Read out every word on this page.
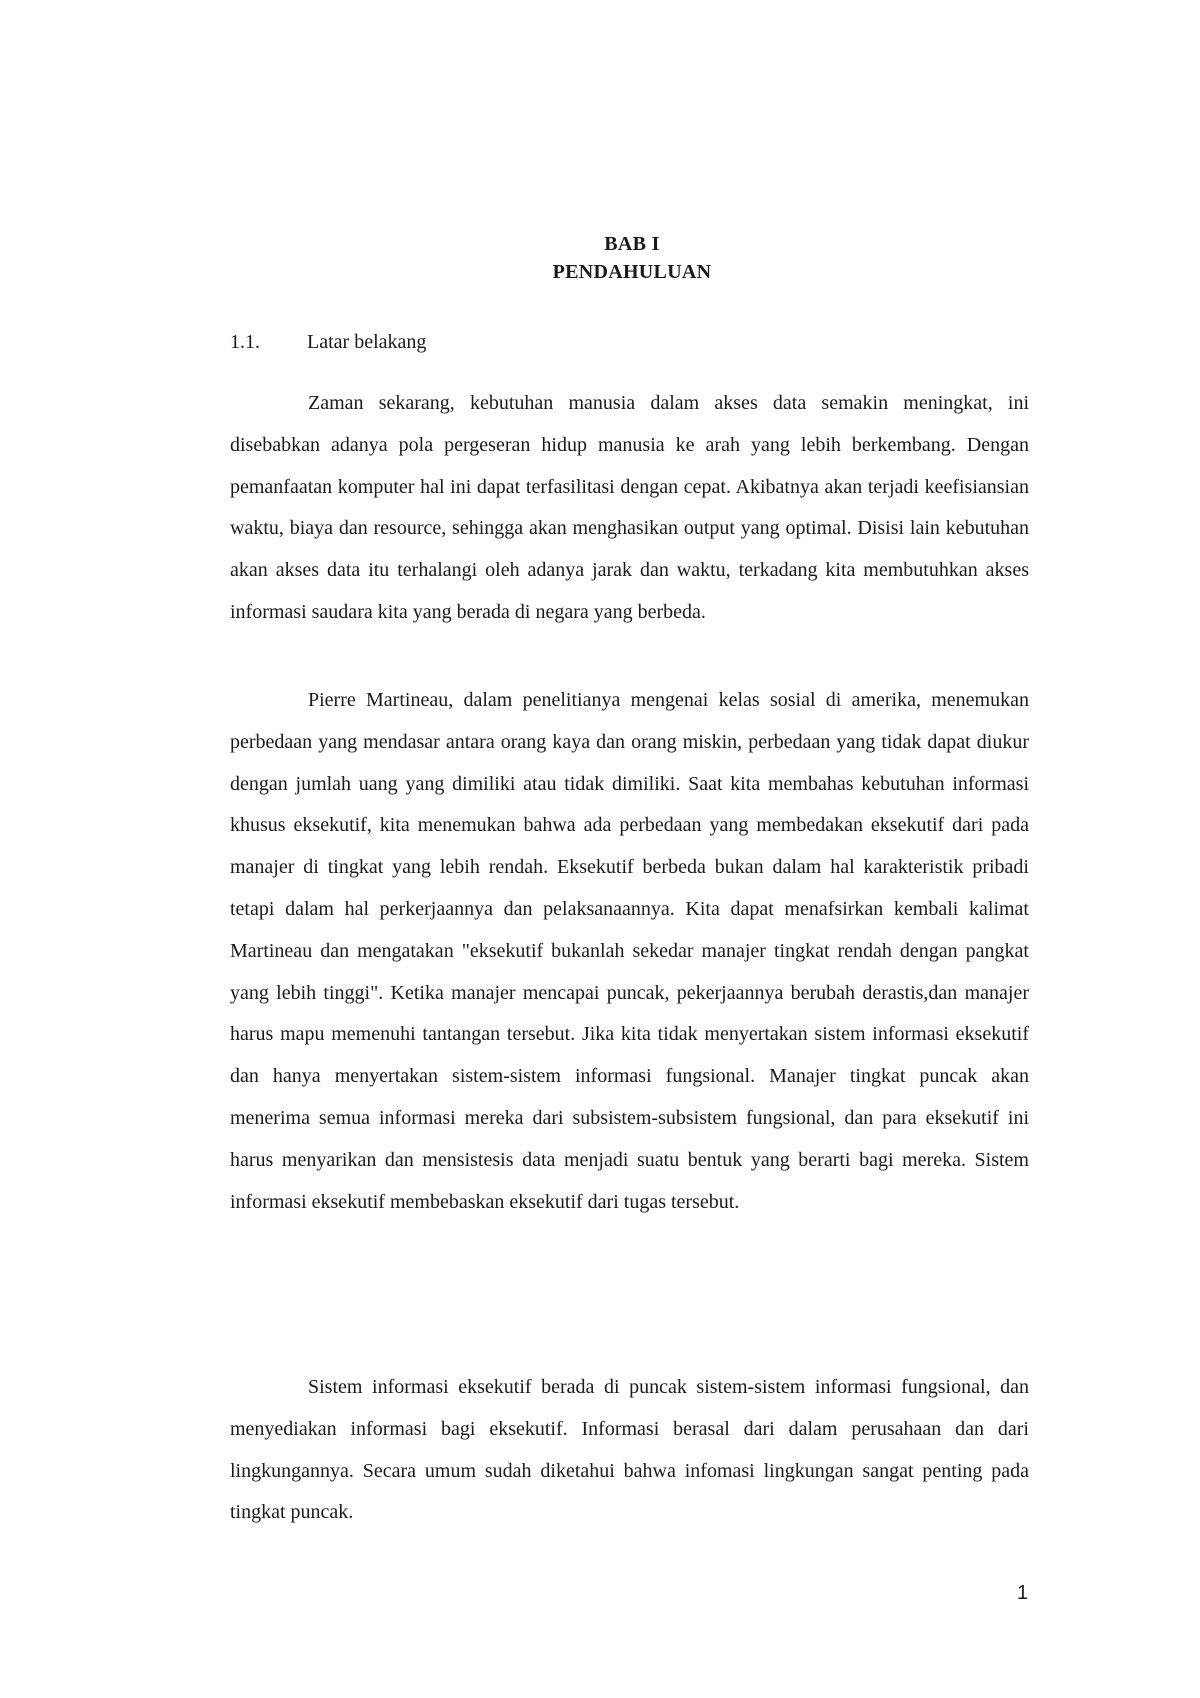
BAB I
PENDAHULUAN
1.1. Latar belakang

Zaman sekarang, kebutuhan manusia dalam akses data semakin meningkat, ini disebabkan adanya pola pergeseran hidup manusia ke arah yang lebih berkembang. Dengan pemanfaatan komputer hal ini dapat terfasilitasi dengan cepat. Akibatnya akan terjadi keefisiansian waktu, biaya dan resource, sehingga akan menghasikan output yang optimal. Disisi lain kebutuhan akan akses data itu terhalangi oleh adanya jarak dan waktu, terkadang kita membutuhkan akses informasi saudara kita yang berada di negara yang berbeda.

Pierre Martineau, dalam penelitianya mengenai kelas sosial di amerika, menemukan perbedaan yang mendasar antara orang kaya dan orang miskin, perbedaan yang tidak dapat diukur dengan jumlah uang yang dimiliki atau tidak dimiliki. Saat kita membahas kebutuhan informasi khusus eksekutif, kita menemukan bahwa ada perbedaan yang membedakan eksekutif dari pada manajer di tingkat yang lebih rendah. Eksekutif berbeda bukan dalam hal karakteristik pribadi tetapi dalam hal perkerjaannya dan pelaksanaannya. Kita dapat menafsirkan kembali kalimat Martineau dan mengatakan "eksekutif bukanlah sekedar manajer tingkat rendah dengan pangkat yang lebih tinggi". Ketika manajer mencapai puncak, pekerjaannya berubah derastis,dan manajer harus mapu memenuhi tantangan tersebut. Jika kita tidak menyertakan sistem informasi eksekutif dan hanya menyertakan sistem-sistem informasi fungsional. Manajer tingkat puncak akan menerima semua informasi mereka dari subsistem-subsistem fungsional, dan para eksekutif ini harus menyarikan dan mensistesis data menjadi suatu bentuk yang berarti bagi mereka. Sistem informasi eksekutif membebaskan eksekutif dari tugas tersebut.

Sistem informasi eksekutif berada di puncak sistem-sistem informasi fungsional, dan menyediakan informasi bagi eksekutif. Informasi berasal dari dalam perusahaan dan dari lingkungannya. Secara umum sudah diketahui bahwa infomasi lingkungan sangat penting pada tingkat puncak.

1
